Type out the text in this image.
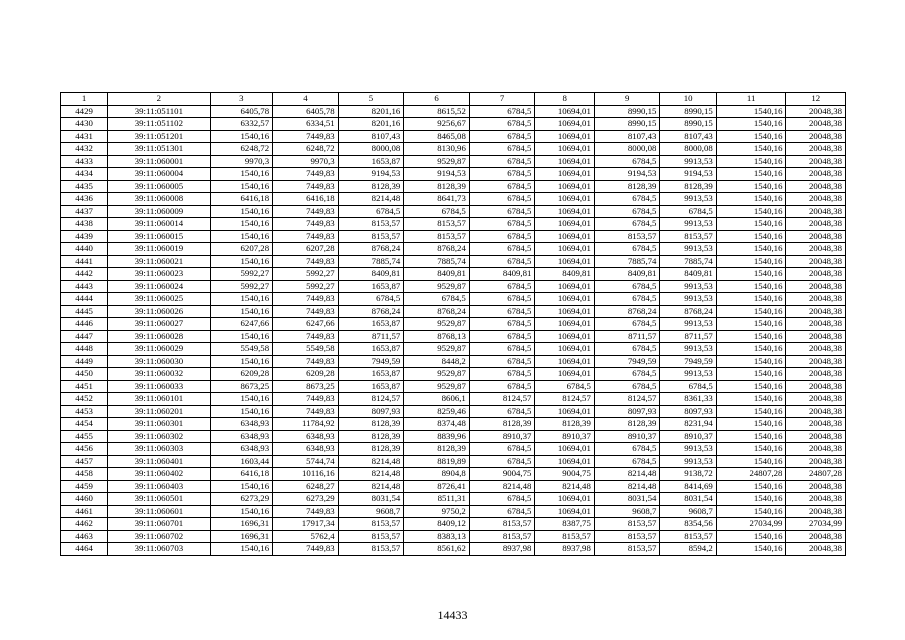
1	2	3	4	5	6	7	8	9	10	11	12
4429	39:11:051101	6405,78	6405,78	8201,16	8615,52	6784,5	10694,01	8990,15	8990,15	1540,16	20048,38
4430	39:11:051102	6332,57	6334,51	8201,16	9256,67	6784,5	10694,01	8990,15	8990,15	1540,16	20048,38
4431	39:11:051201	1540,16	7449,83	8107,43	8465,08	6784,5	10694,01	8107,43	8107,43	1540,16	20048,38
4432	39:11:051301	6248,72	6248,72	8000,08	8130,96	6784,5	10694,01	8000,08	8000,08	1540,16	20048,38
4433	39:11:060001	9970,3	9970,3	1653,87	9529,87	6784,5	10694,01	6784,5	9913,53	1540,16	20048,38
4434	39:11:060004	1540,16	7449,83	9194,53	9194,53	6784,5	10694,01	9194,53	9194,53	1540,16	20048,38
4435	39:11:060005	1540,16	7449,83	8128,39	8128,39	6784,5	10694,01	8128,39	8128,39	1540,16	20048,38
4436	39:11:060008	6416,18	6416,18	8214,48	8641,73	6784,5	10694,01	6784,5	9913,53	1540,16	20048,38
4437	39:11:060009	1540,16	7449,83	6784,5	6784,5	6784,5	10694,01	6784,5	6784,5	1540,16	20048,38
4438	39:11:060014	1540,16	7449,83	8153,57	8153,57	6784,5	10694,01	6784,5	9913,53	1540,16	20048,38
4439	39:11:060015	1540,16	7449,83	8153,57	8153,57	6784,5	10694,01	8153,57	8153,57	1540,16	20048,38
4440	39:11:060019	6207,28	6207,28	8768,24	8768,24	6784,5	10694,01	6784,5	9913,53	1540,16	20048,38
4441	39:11:060021	1540,16	7449,83	7885,74	7885,74	6784,5	10694,01	7885,74	7885,74	1540,16	20048,38
4442	39:11:060023	5992,27	5992,27	8409,81	8409,81	8409,81	8409,81	8409,81	8409,81	1540,16	20048,38
4443	39:11:060024	5992,27	5992,27	1653,87	9529,87	6784,5	10694,01	6784,5	9913,53	1540,16	20048,38
4444	39:11:060025	1540,16	7449,83	6784,5	6784,5	6784,5	10694,01	6784,5	9913,53	1540,16	20048,38
4445	39:11:060026	1540,16	7449,83	8768,24	8768,24	6784,5	10694,01	8768,24	8768,24	1540,16	20048,38
4446	39:11:060027	6247,66	6247,66	1653,87	9529,87	6784,5	10694,01	6784,5	9913,53	1540,16	20048,38
4447	39:11:060028	1540,16	7449,83	8711,57	8768,13	6784,5	10694,01	8711,57	8711,57	1540,16	20048,38
4448	39:11:060029	5549,58	5549,58	1653,87	9529,87	6784,5	10694,01	6784,5	9913,53	1540,16	20048,38
4449	39:11:060030	1540,16	7449,83	7949,59	8448,2	6784,5	10694,01	7949,59	7949,59	1540,16	20048,38
4450	39:11:060032	6209,28	6209,28	1653,87	9529,87	6784,5	10694,01	6784,5	9913,53	1540,16	20048,38
4451	39:11:060033	8673,25	8673,25	1653,87	9529,87	6784,5	6784,5	6784,5	6784,5	1540,16	20048,38
4452	39:11:060101	1540,16	7449,83	8124,57	8606,1	8124,57	8124,57	8124,57	8361,33	1540,16	20048,38
4453	39:11:060201	1540,16	7449,83	8097,93	8259,46	6784,5	10694,01	8097,93	8097,93	1540,16	20048,38
4454	39:11:060301	6348,93	11784,92	8128,39	8374,48	8128,39	8128,39	8128,39	8231,94	1540,16	20048,38
4455	39:11:060302	6348,93	6348,93	8128,39	8839,96	8910,37	8910,37	8910,37	8910,37	1540,16	20048,38
4456	39:11:060303	6348,93	6348,93	8128,39	8128,39	6784,5	10694,01	6784,5	9913,53	1540,16	20048,38
4457	39:11:060401	1603,44	5744,74	8214,48	8819,89	6784,5	10694,01	6784,5	9913,53	1540,16	20048,38
4458	39:11:060402	6416,18	10116,16	8214,48	8904,8	9004,75	9004,75	8214,48	9138,72	24807,28	24807,28
4459	39:11:060403	1540,16	6248,27	8214,48	8726,41	8214,48	8214,48	8214,48	8414,69	1540,16	20048,38
4460	39:11:060501	6273,29	6273,29	8031,54	8511,31	6784,5	10694,01	8031,54	8031,54	1540,16	20048,38
4461	39:11:060601	1540,16	7449,83	9608,7	9750,2	6784,5	10694,01	9608,7	9608,7	1540,16	20048,38
4462	39:11:060701	1696,31	17917,34	8153,57	8409,12	8153,57	8387,75	8153,57	8354,56	27034,99	27034,99
4463	39:11:060702	1696,31	5762,4	8153,57	8383,13	8153,57	8153,57	8153,57	8153,57	1540,16	20048,38
4464	39:11:060703	1540,16	7449,83	8153,57	8561,62	8937,98	8937,98	8153,57	8594,2	1540,16	20048,38
14433
